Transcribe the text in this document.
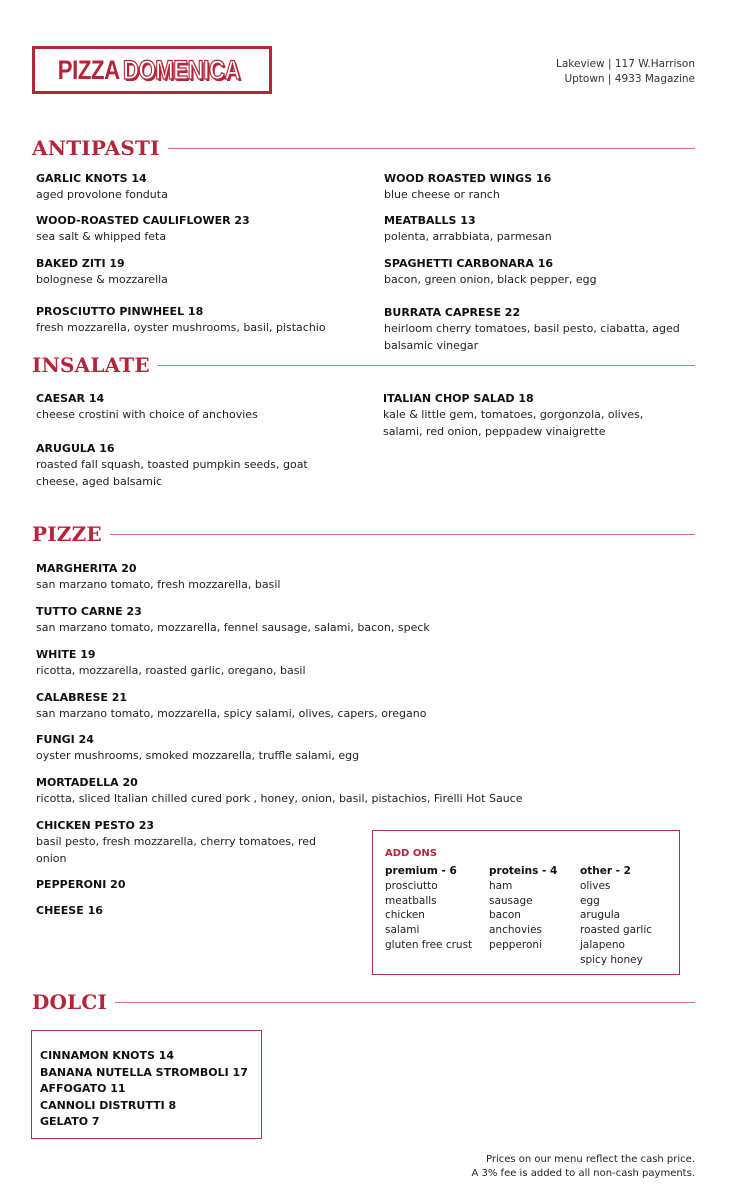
PIZZA DOMENICA	Lakeview | 117 W.Harrison
Uptown | 4933 Magazine
ANTIPASTI
GARLIC KNOTS 14
aged provolone fonduta
WOOD-ROASTED CAULIFLOWER 23
sea salt & whipped feta
BAKED ZITI 19
bolognese & mozzarella
PROSCIUTTO PINWHEEL 18
fresh mozzarella, oyster mushrooms, basil, pistachio
WOOD ROASTED WINGS 16
blue cheese or ranch
MEATBALLS 13
polenta, arrabbiata, parmesan
SPAGHETTI CARBONARA 16
bacon, green onion, black pepper, egg
BURRATA CAPRESE 22
heirloom cherry tomatoes, basil pesto, ciabatta, aged balsamic vinegar
INSALATE
CAESAR 14
cheese crostini with choice of anchovies
ARUGULA 16
roasted fall squash, toasted pumpkin seeds, goat cheese, aged balsamic
ITALIAN CHOP SALAD 18
kale & little gem, tomatoes, gorgonzola, olives, salami, red onion, peppadew vinaigrette
PIZZE
MARGHERITA 20
san marzano tomato, fresh mozzarella, basil
TUTTO CARNE 23
san marzano tomato, mozzarella, fennel sausage, salami, bacon, speck
WHITE 19
ricotta, mozzarella, roasted garlic, oregano, basil
CALABRESE 21
san marzano tomato, mozzarella, spicy salami, olives, capers, oregano
FUNGI 24
oyster mushrooms, smoked mozzarella, truffle salami, egg
MORTADELLA 20
ricotta, sliced Italian chilled cured pork , honey, onion, basil, pistachios, Firelli Hot Sauce
CHICKEN PESTO 23
basil pesto, fresh mozzarella, cherry tomatoes, red onion
PEPPERONI 20
CHEESE 16
ADD ONS
premium - 6
prosciutto
meatballs
chicken
salami
gluten free crust
proteins - 4
ham
sausage
bacon
anchovies
pepperoni
other - 2
olives
egg
arugula
roasted garlic
jalapeno
spicy honey
DOLCI
CINNAMON KNOTS 14
BANANA NUTELLA STROMBOLI 17
AFFOGATO 11
CANNOLI DISTRUTTI 8
GELATO 7
Prices on our menu reflect the cash price.
A 3% fee is added to all non-cash payments.
